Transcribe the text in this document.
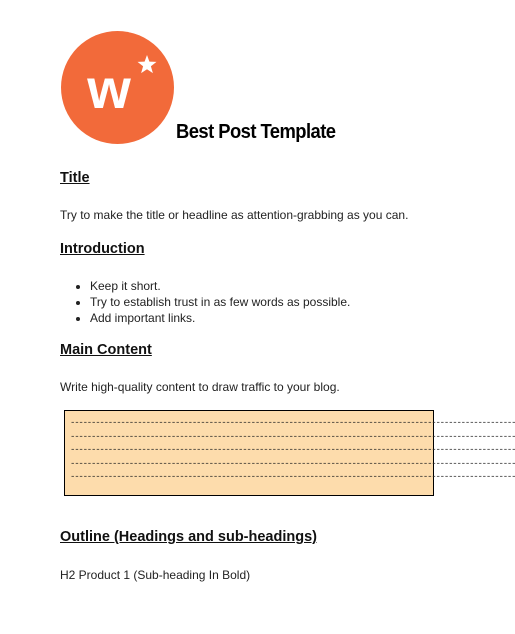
w
Best Post Template
Title

Try to make the title or headline as attention-grabbing as you can.

Introduction
• Keep it short.
• Try to establish trust in as few words as possible.
• Add important links.
Main Content

Write high-quality content to draw traffic to your blog.

----------------------------------------------------------------------------------------------------------
----------------------------------------------------------------------------------------------------------
----------------------------------------------------------------------------------------------------------
----------------------------------------------------------------------------------------------------------
----------------------------------------------------------------------------------------------------------
Outline (Headings and sub-headings)

H2 Product 1 (Sub-heading In Bold)
